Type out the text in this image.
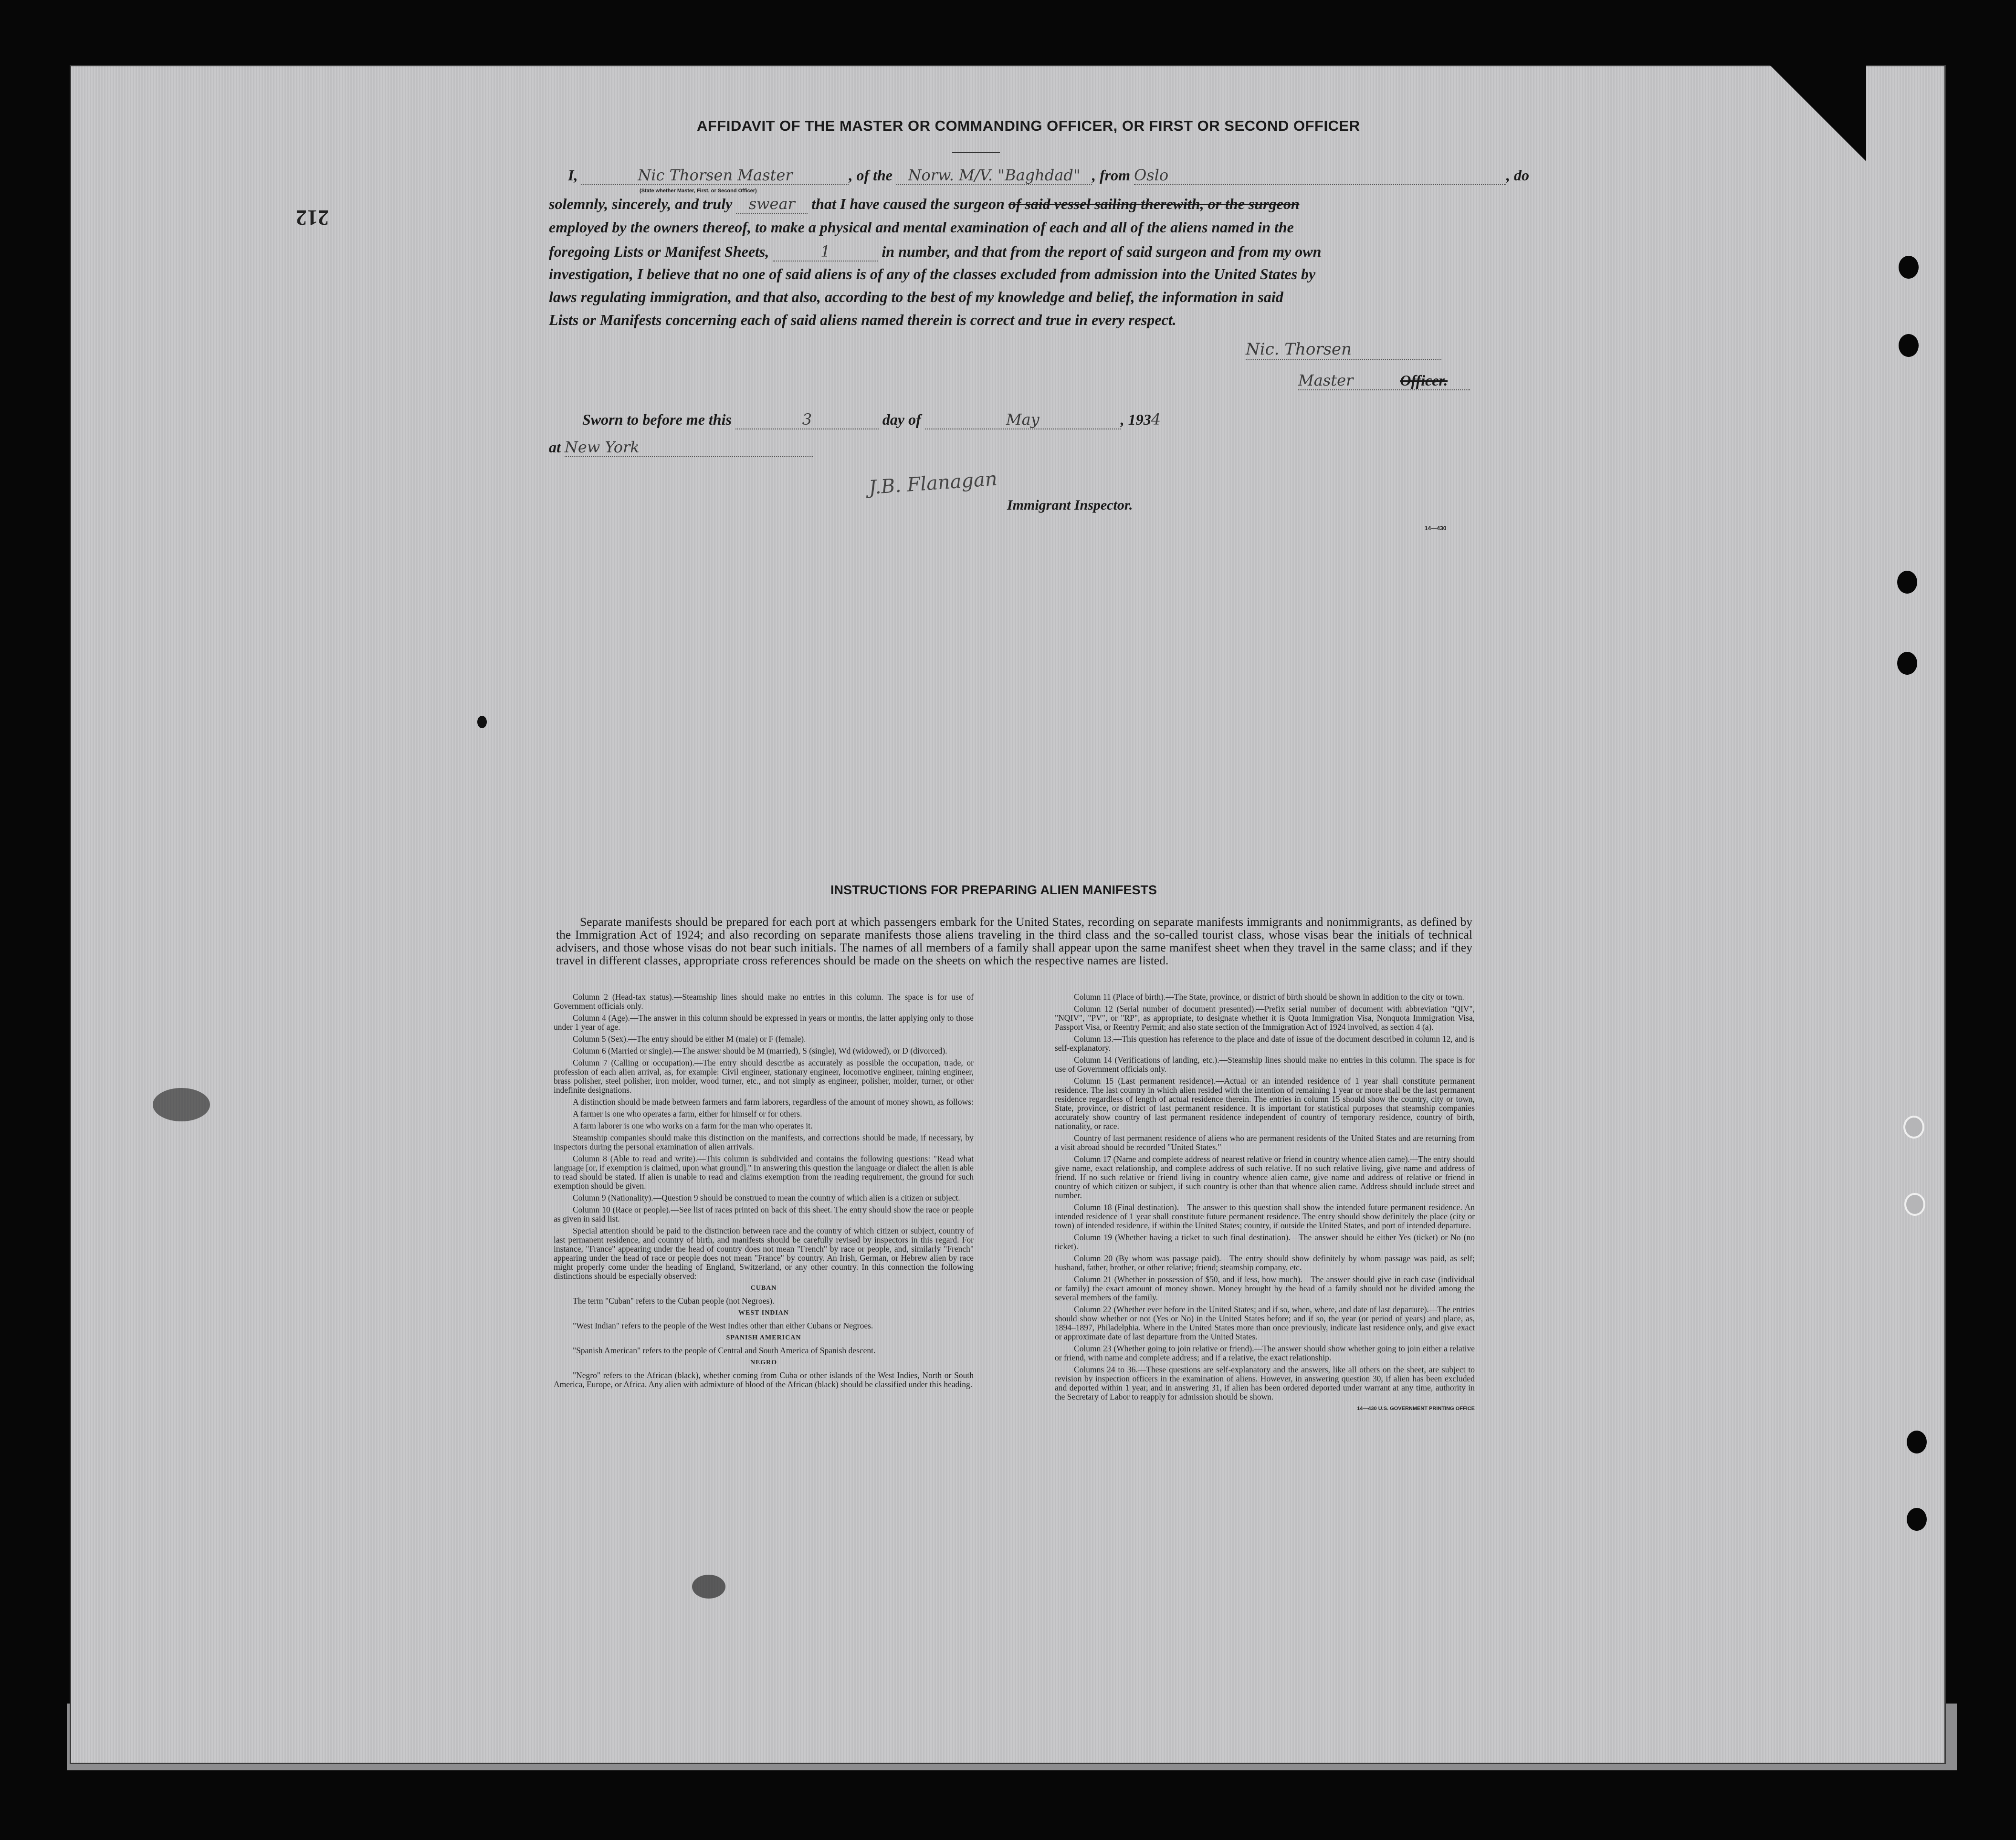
212
AFFIDAVIT OF THE MASTER OR COMMANDING OFFICER, OR FIRST OR SECOND OFFICER
I,	Nic Thorsen Master	, of the Norw. M/V. "Baghdad" , from Oslo	, do
(State whether Master, First, or Second Officer)
solemnly, sincerely, and truly swear that I have caused the surgeon of said vessel sailing therewith, or the surgeon
employed by the owners thereof, to make a physical and mental examination of each and all of the aliens named in the
foregoing Lists or Manifest Sheets,	1	in number, and that from the report of said surgeon and from my own
investigation, I believe that no one of said aliens is of any of the classes excluded from admission into the United States by
laws regulating immigration, and that also, according to the best of my knowledge and belief, the information in said
Lists or Manifests concerning each of said aliens named therein is correct and true in every respect.
Nic. Thorsen
Master	Officer.
Sworn to before me this	3	day of	May	, 1934
at New York
J.B. Flanagan
Immigrant Inspector.
14—430
INSTRUCTIONS FOR PREPARING ALIEN MANIFESTS
Separate manifests should be prepared for each port at which passengers embark for the United States, recording on separate manifests immigrants and nonimmigrants, as defined by the Immigration Act of 1924; and also recording on separate manifests those aliens traveling in the third class and the so-called tourist class, whose visas bear the initials of technical advisers, and those whose visas do not bear such initials. The names of all members of a family shall appear upon the same manifest sheet when they travel in the same class; and if they travel in different classes, appropriate cross references should be made on the sheets on which the respective names are listed.

Column 2 (Head-tax status).—Steamship lines should make no entries in this column. The space is for use of Government officials only.

Column 4 (Age).—The answer in this column should be expressed in years or months, the latter applying only to those under 1 year of age.

Column 5 (Sex).—The entry should be either M (male) or F (female).

Column 6 (Married or single).—The answer should be M (married), S (single), Wd (widowed), or D (divorced).

Column 7 (Calling or occupation).—The entry should describe as accurately as possible the occupation, trade, or profession of each alien arrival, as, for example: Civil engineer, stationary engineer, locomotive engineer, mining engineer, brass polisher, steel polisher, iron molder, wood turner, etc., and not simply as engineer, polisher, molder, turner, or other indefinite designations.

A distinction should be made between farmers and farm laborers, regardless of the amount of money shown, as follows:

A farmer is one who operates a farm, either for himself or for others.

A farm laborer is one who works on a farm for the man who operates it.

Steamship companies should make this distinction on the manifests, and corrections should be made, if necessary, by inspectors during the personal examination of alien arrivals.

Column 8 (Able to read and write).—This column is subdivided and contains the following questions: "Read what language [or, if exemption is claimed, upon what ground]." In answering this question the language or dialect the alien is able to read should be stated. If alien is unable to read and claims exemption from the reading requirement, the ground for such exemption should be given.

Column 9 (Nationality).—Question 9 should be construed to mean the country of which alien is a citizen or subject.

Column 10 (Race or people).—See list of races printed on back of this sheet. The entry should show the race or people as given in said list.

Special attention should be paid to the distinction between race and the country of which citizen or subject, country of last permanent residence, and country of birth, and manifests should be carefully revised by inspectors in this regard. For instance, "France" appearing under the head of country does not mean "French" by race or people, and, similarly "French" appearing under the head of race or people does not mean "France" by country. An Irish, German, or Hebrew alien by race might properly come under the heading of England, Switzerland, or any other country. In this connection the following distinctions should be especially observed:

CUBAN

The term "Cuban" refers to the Cuban people (not Negroes).

WEST INDIAN

"West Indian" refers to the people of the West Indies other than either Cubans or Negroes.

SPANISH AMERICAN

"Spanish American" refers to the people of Central and South America of Spanish descent.

NEGRO

"Negro" refers to the African (black), whether coming from Cuba or other islands of the West Indies, North or South America, Europe, or Africa. Any alien with admixture of blood of the African (black) should be classified under this heading.

Column 11 (Place of birth).—The State, province, or district of birth should be shown in addition to the city or town.

Column 12 (Serial number of document presented).—Prefix serial number of document with abbreviation "QIV", "NQIV", "PV", or "RP", as appropriate, to designate whether it is Quota Immigration Visa, Nonquota Immigration Visa, Passport Visa, or Reentry Permit; and also state section of the Immigration Act of 1924 involved, as section 4 (a).

Column 13.—This question has reference to the place and date of issue of the document described in column 12, and is self-explanatory.

Column 14 (Verifications of landing, etc.).—Steamship lines should make no entries in this column. The space is for use of Government officials only.

Column 15 (Last permanent residence).—Actual or an intended residence of 1 year shall constitute permanent residence. The last country in which alien resided with the intention of remaining 1 year or more shall be the last permanent residence regardless of length of actual residence therein. The entries in column 15 should show the country, city or town, State, province, or district of last permanent residence. It is important for statistical purposes that steamship companies accurately show country of last permanent residence independent of country of temporary residence, country of birth, nationality, or race.

Country of last permanent residence of aliens who are permanent residents of the United States and are returning from a visit abroad should be recorded "United States."

Column 17 (Name and complete address of nearest relative or friend in country whence alien came).—The entry should give name, exact relationship, and complete address of such relative. If no such relative living, give name and address of friend. If no such relative or friend living in country whence alien came, give name and address of relative or friend in country of which citizen or subject, if such country is other than that whence alien came. Address should include street and number.

Column 18 (Final destination).—The answer to this question shall show the intended future permanent residence. An intended residence of 1 year shall constitute future permanent residence. The entry should show definitely the place (city or town) of intended residence, if within the United States; country, if outside the United States, and port of intended departure.

Column 19 (Whether having a ticket to such final destination).—The answer should be either Yes (ticket) or No (no ticket).

Column 20 (By whom was passage paid).—The entry should show definitely by whom passage was paid, as self; husband, father, brother, or other relative; friend; steamship company, etc.

Column 21 (Whether in possession of $50, and if less, how much).—The answer should give in each case (individual or family) the exact amount of money shown. Money brought by the head of a family should not be divided among the several members of the family.

Column 22 (Whether ever before in the United States; and if so, when, where, and date of last departure).—The entries should show whether or not (Yes or No) in the United States before; and if so, the year (or period of years) and place, as, 1894–1897, Philadelphia. Where in the United States more than once previously, indicate last residence only, and give exact or approximate date of last departure from the United States.

Column 23 (Whether going to join relative or friend).—The answer should show whether going to join either a relative or friend, with name and complete address; and if a relative, the exact relationship.

Columns 24 to 36.—These questions are self-explanatory and the answers, like all others on the sheet, are subject to revision by inspection officers in the examination of aliens. However, in answering question 30, if alien has been excluded and deported within 1 year, and in answering 31, if alien has been ordered deported under warrant at any time, authority in the Secretary of Labor to reapply for admission should be shown.

14—430 U.S. GOVERNMENT PRINTING OFFICE
